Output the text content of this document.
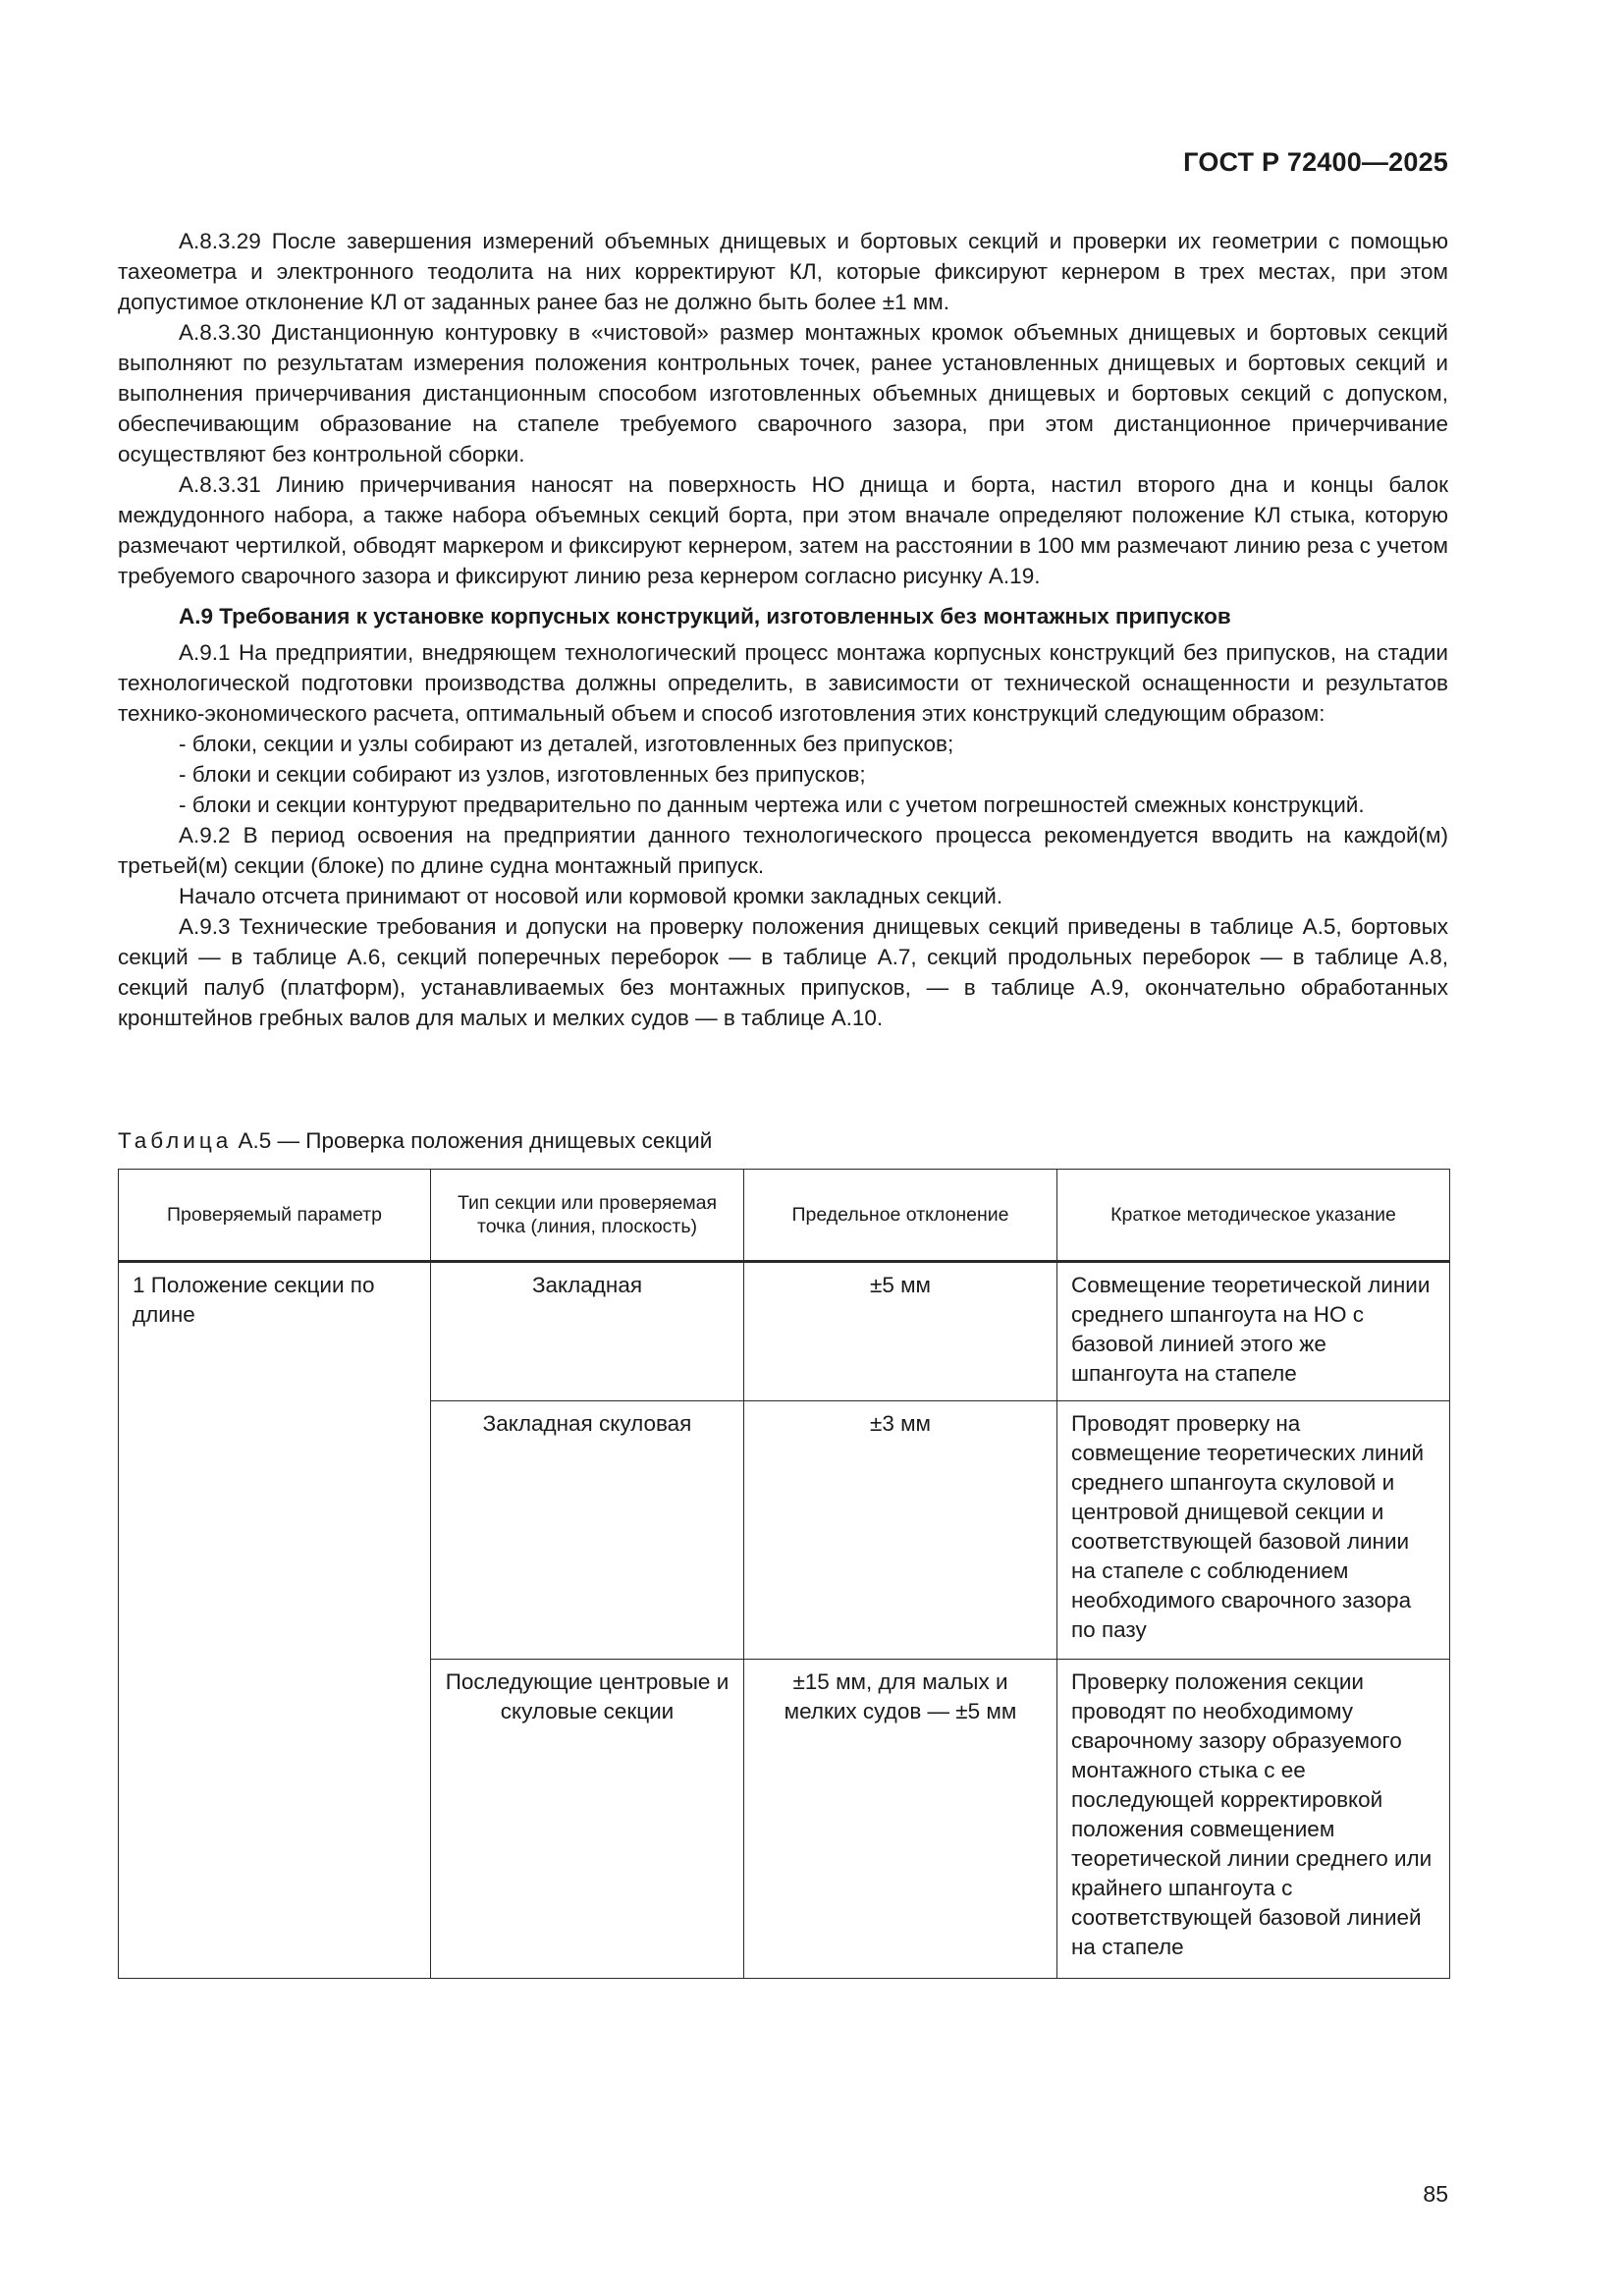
ГОСТ Р 72400—2025

А.8.3.29 После завершения измерений объемных днищевых и бортовых секций и проверки их геометрии с помощью тахеометра и электронного теодолита на них корректируют КЛ, которые фиксируют кернером в трех местах, при этом допустимое отклонение КЛ от заданных ранее баз не должно быть более ±1 мм.

А.8.3.30 Дистанционную контуровку в «чистовой» размер монтажных кромок объемных днищевых и бортовых секций выполняют по результатам измерения положения контрольных точек, ранее установленных днищевых и бортовых секций и выполнения причерчивания дистанционным способом изготовленных объемных днищевых и бортовых секций с допуском, обеспечивающим образование на стапеле требуемого сварочного зазора, при этом дистанционное причерчивание осуществляют без контрольной сборки.

А.8.3.31 Линию причерчивания наносят на поверхность НО днища и борта, настил второго дна и концы балок междудонного набора, а также набора объемных секций борта, при этом вначале определяют положение КЛ стыка, которую размечают чертилкой, обводят маркером и фиксируют кернером, затем на расстоянии в 100 мм размечают линию реза с учетом требуемого сварочного зазора и фиксируют линию реза кернером согласно рисунку А.19.

А.9 Требования к установке корпусных конструкций, изготовленных без монтажных припусков

А.9.1 На предприятии, внедряющем технологический процесс монтажа корпусных конструкций без припусков, на стадии технологической подготовки производства должны определить, в зависимости от технической оснащенности и результатов технико-экономического расчета, оптимальный объем и способ изготовления этих конструкций следующим образом:

- блоки, секции и узлы собирают из деталей, изготовленных без припусков;

- блоки и секции собирают из узлов, изготовленных без припусков;

- блоки и секции контуруют предварительно по данным чертежа или с учетом погрешностей смежных конструкций.

А.9.2 В период освоения на предприятии данного технологического процесса рекомендуется вводить на каждой(м) третьей(м) секции (блоке) по длине судна монтажный припуск.

Начало отсчета принимают от носовой или кормовой кромки закладных секций.

А.9.3 Технические требования и допуски на проверку положения днищевых секций приведены в таблице А.5, бортовых секций — в таблице А.6, секций поперечных переборок — в таблице А.7, секций продольных переборок — в таблице А.8, секций палуб (платформ), устанавливаемых без монтажных припусков, — в таблице А.9, окончательно обработанных кронштейнов гребных валов для малых и мелких судов — в таблице А.10.

Таблица А.5 — Проверка положения днищевых секций
Проверяемый параметр	Тип секции или проверяемая точка (линия, плоскость)	Предельное отклонение	Краткое методическое указание
1 Положение секции по длине	Закладная	±5 мм	Совмещение теоретической линии среднего шпангоута на НО с базовой линией этого же шпангоута на стапеле
	Закладная скуловая	±3 мм	Проводят проверку на совмещение теоретических линий среднего шпангоута скуловой и центровой днищевой секции и соответствующей базовой линии на стапеле с соблюдением необходимого сварочного зазора по пазу
	Последующие центровые и скуловые секции	±15 мм, для малых и мелких судов — ±5 мм	Проверку положения секции проводят по необходимому сварочному зазору образуемого монтажного стыка с ее последующей корректировкой положения совмещением теоретической линии среднего или крайнего шпангоута с соответствующей базовой линией на стапеле
85
